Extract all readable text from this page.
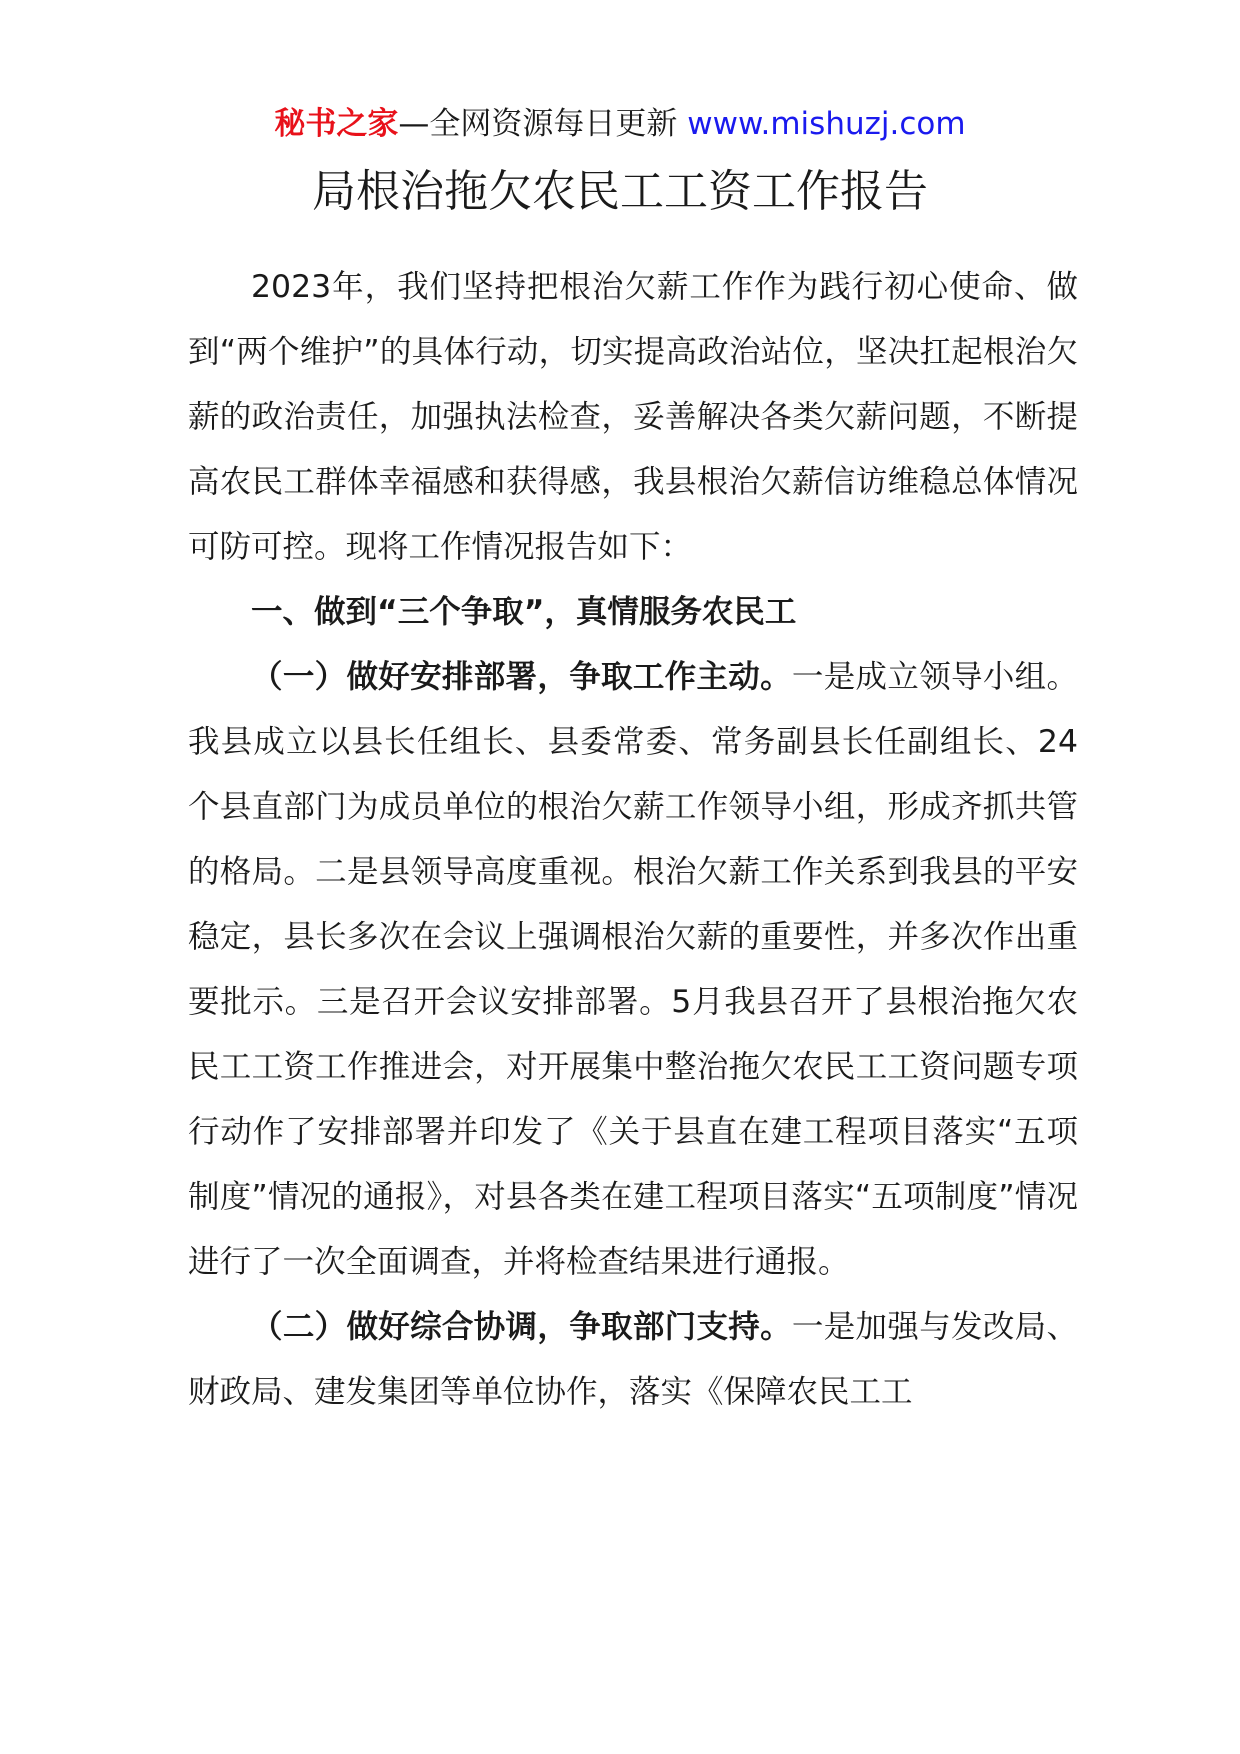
秘书之家—全网资源每日更新 www.mishuzj.com
局根治拖欠农民工工资工作报告

2023年，我们坚持把根治欠薪工作作为践行初心使命、做到“两个维护”的具体行动，切实提高政治站位，坚决扛起根治欠薪的政治责任，加强执法检查，妥善解决各类欠薪问题，不断提高农民工群体幸福感和获得感，我县根治欠薪信访维稳总体情况可防可控。现将工作情况报告如下：

一、做到“三个争取”，真情服务农民工

（一）做好安排部署，争取工作主动。一是成立领导小组。我县成立以县长任组长、县委常委、常务副县长任副组长、24个县直部门为成员单位的根治欠薪工作领导小组，形成齐抓共管的格局。二是县领导高度重视。根治欠薪工作关系到我县的平安稳定，县长多次在会议上强调根治欠薪的重要性，并多次作出重要批示。三是召开会议安排部署。5月我县召开了县根治拖欠农民工工资工作推进会，对开展集中整治拖欠农民工工资问题专项行动作了安排部署并印发了《关于县直在建工程项目落实“五项制度”情况的通报》，对县各类在建工程项目落实“五项制度”情况进行了一次全面调查，并将检查结果进行通报。

（二）做好综合协调，争取部门支持。一是加强与发改局、财政局、建发集团等单位协作，落实《保障农民工工
